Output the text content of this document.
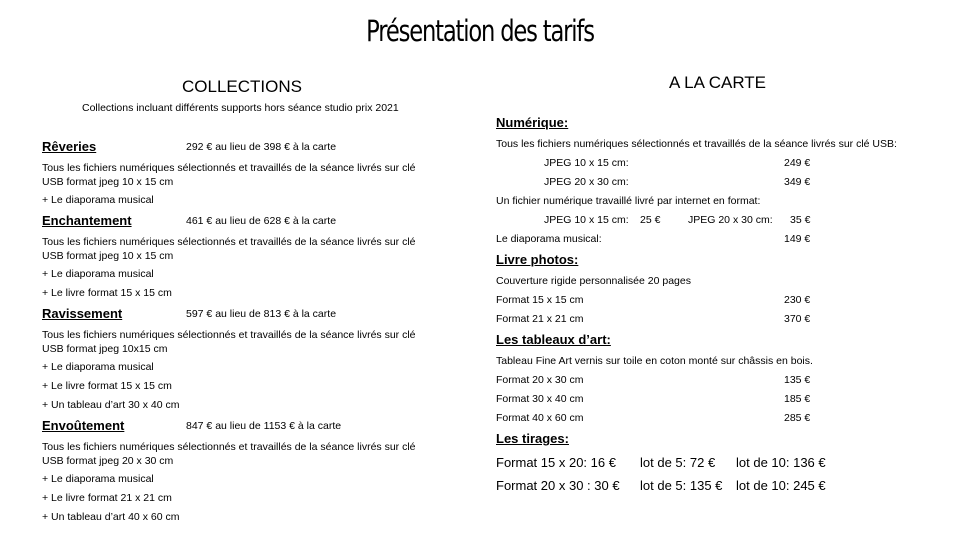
Présentation des tarifs
COLLECTIONS
Collections incluant différents supports hors séance studio prix 2021
Rêveries	292 € au lieu de 398 € à la carte
Tous les fichiers numériques sélectionnés et travaillés de la séance livrés sur clé USB format jpeg 10 x 15 cm
+ Le diaporama musical
Enchantement	461 € au lieu de 628 € à la carte
Tous les fichiers numériques sélectionnés et travaillés de la séance livrés sur clé USB format jpeg 10 x 15 cm
+ Le diaporama musical
+ Le livre format 15 x 15 cm
Ravissement	597 € au lieu de 813 € à la carte
Tous les fichiers numériques sélectionnés et travaillés de la séance livrés sur clé USB format jpeg 10x15 cm
+ Le diaporama musical
+ Le livre format 15 x 15 cm
+ Un tableau d’art 30 x 40 cm
Envoûtement	847 € au lieu de 1153 € à la carte
Tous les fichiers numériques sélectionnés et travaillés de la séance livrés sur clé USB format jpeg 20 x 30 cm
+ Le diaporama musical
+ Le livre format 21 x 21 cm
+ Un tableau d’art 40 x 60 cm
A LA CARTE
Numérique:
Tous les fichiers numériques sélectionnés et travaillés de la séance livrés sur clé USB:
JPEG 10 x 15 cm:	249 €
JPEG 20 x 30 cm:	349 €
Un fichier numérique travaillé livré par internet en format:
JPEG 10 x 15 cm: 25 €	JPEG 20 x 30 cm: 35 €
Le diaporama musical:	149 €
Livre photos:
Couverture rigide personnalisée 20 pages
Format 15 x 15 cm	230 €
Format 21 x 21 cm	370 €
Les tableaux d’art:
Tableau Fine Art vernis sur toile en coton monté sur châssis en bois.
Format 20 x 30 cm	135 €
Format 30 x 40 cm	185 €
Format 40 x 60 cm	285 €
Les tirages:
Format 15 x 20: 16 € lot de 5: 72 € lot de 10: 136 €
Format 20 x 30 : 30 € lot de 5: 135 € lot de 10: 245 €
